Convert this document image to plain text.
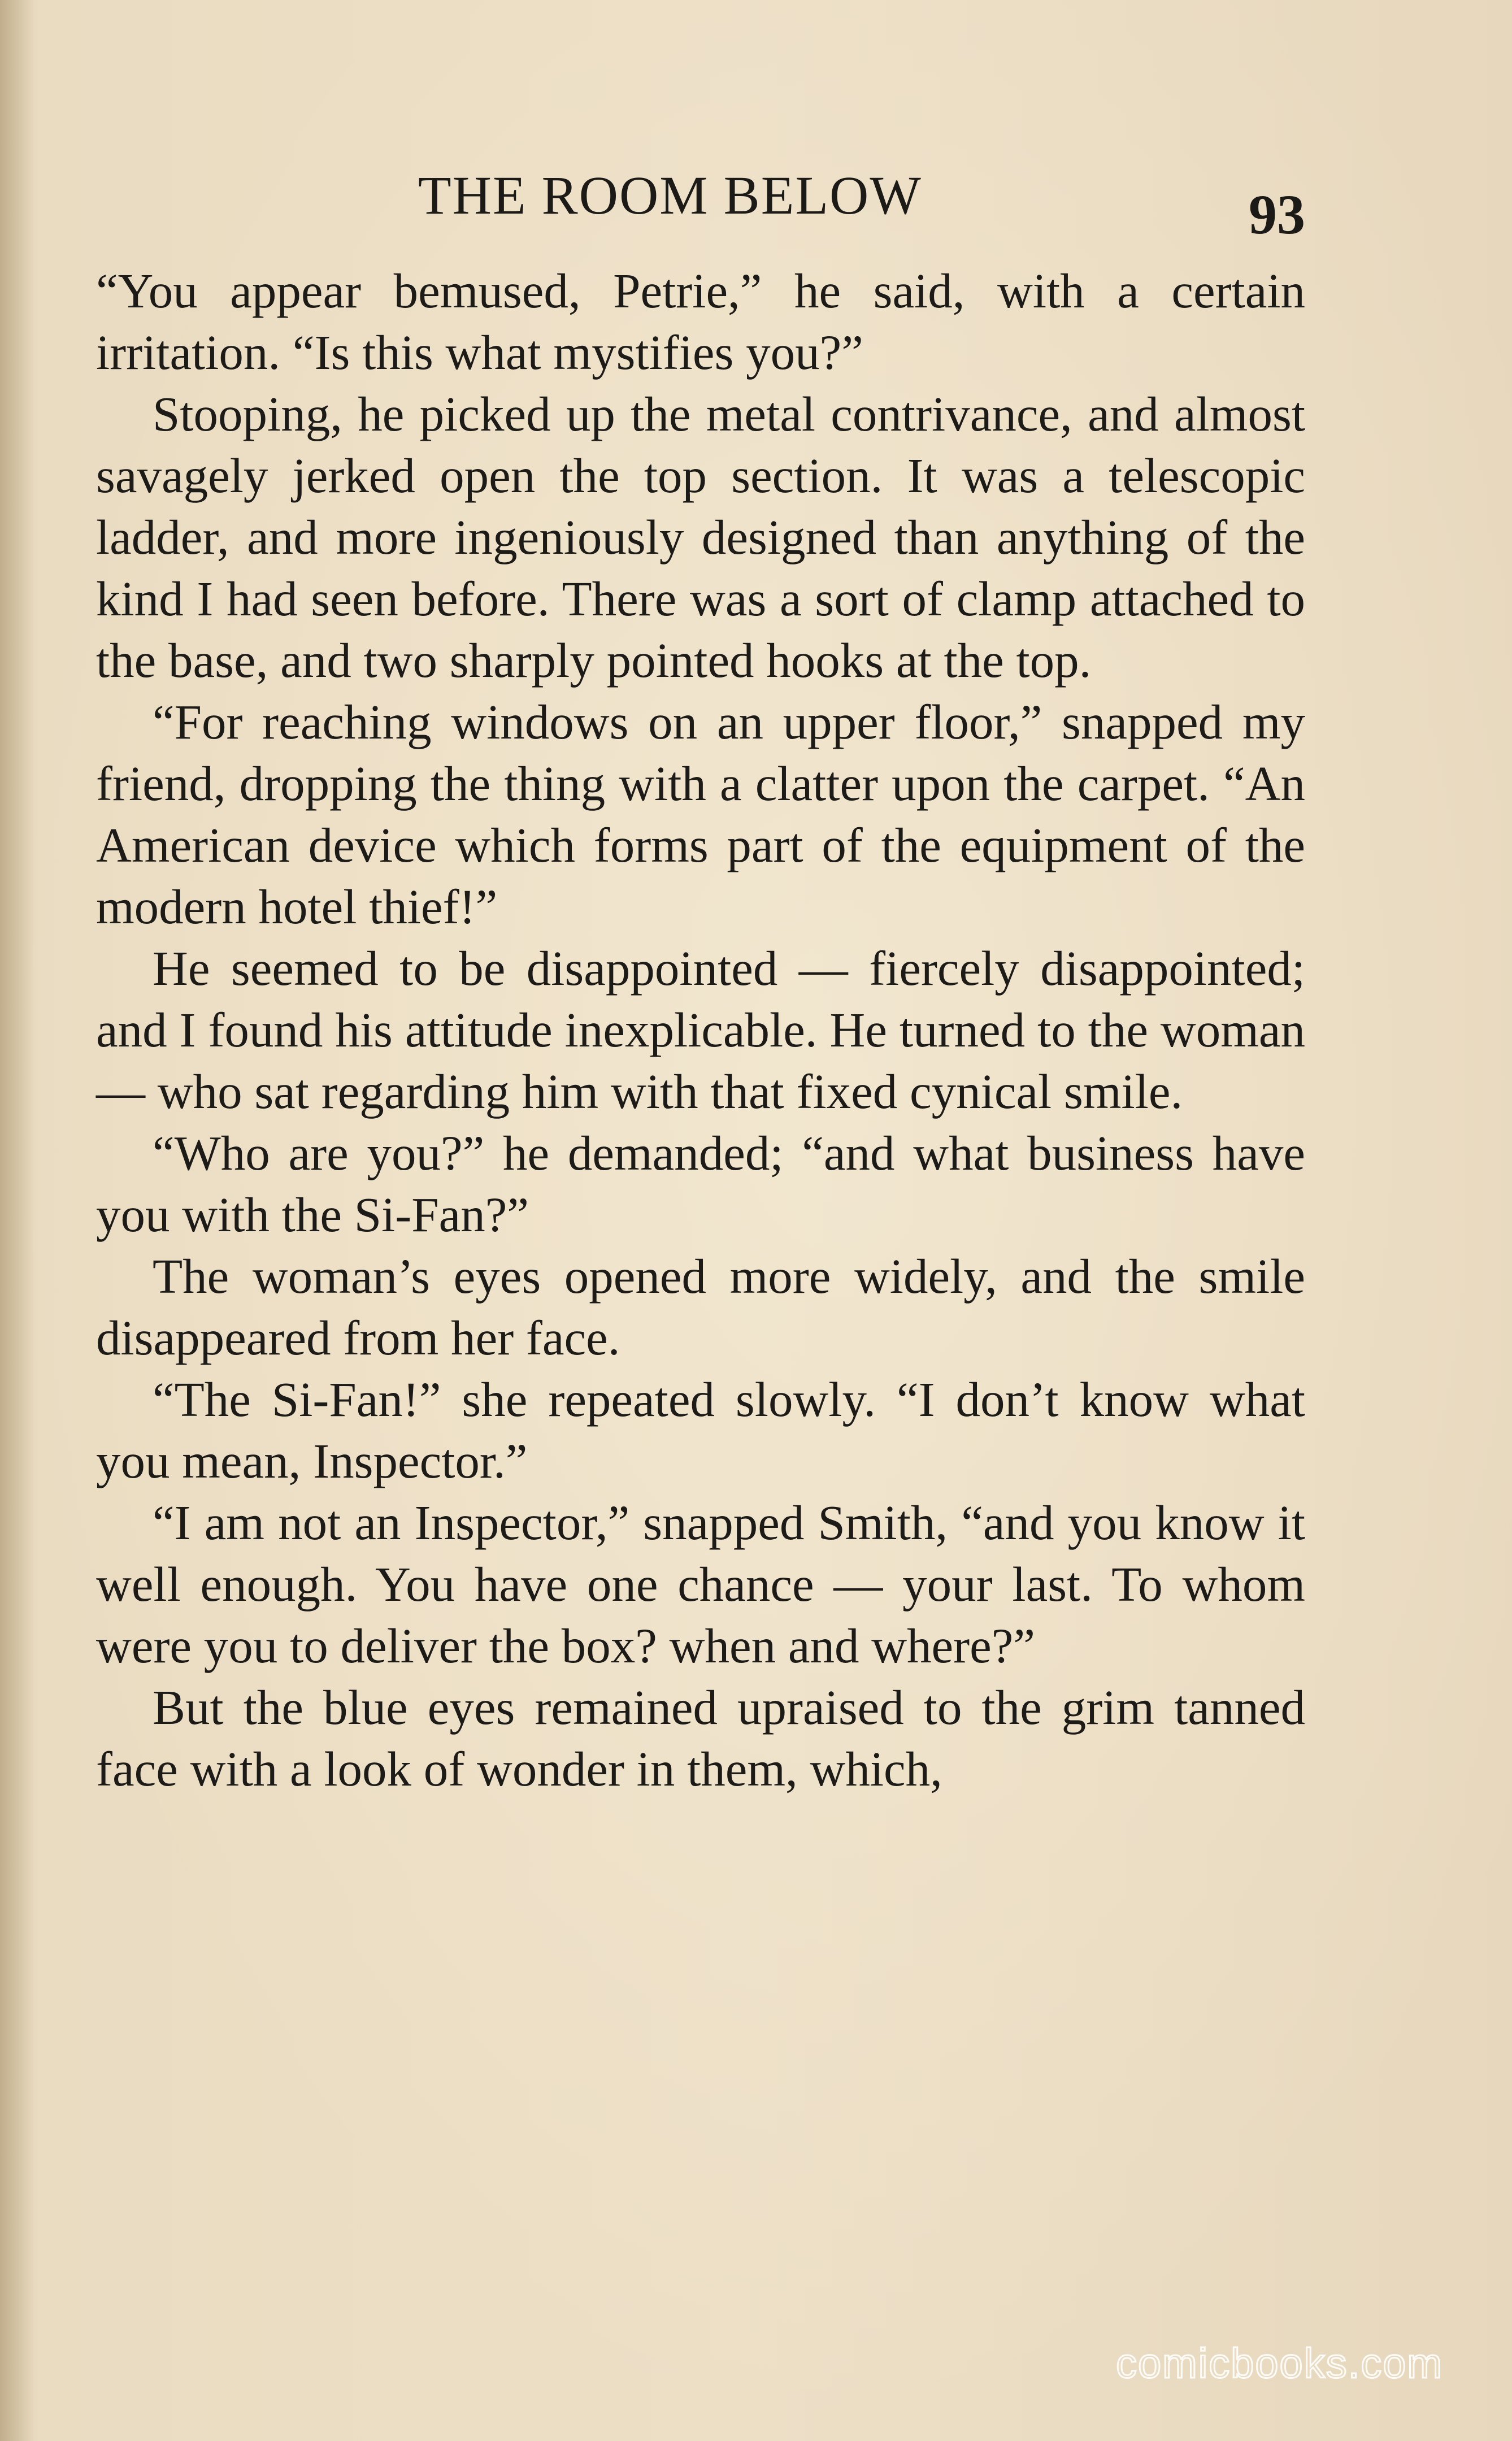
THE ROOM BELOW	93

“You appear bemused, Petrie,” he said, with a certain irritation. “Is this what mystifies you?”

Stooping, he picked up the metal contrivance, and almost savagely jerked open the top section. It was a telescopic ladder, and more ingeniously designed than anything of the kind I had seen before. There was a sort of clamp attached to the base, and two sharply pointed hooks at the top.

“For reaching windows on an upper floor,” snapped my friend, dropping the thing with a clatter upon the carpet. “An American device which forms part of the equipment of the modern hotel thief!”

He seemed to be disappointed — fiercely disappointed; and I found his attitude inexplicable. He turned to the woman — who sat regarding him with that fixed cynical smile.

“Who are you?” he demanded; “and what business have you with the Si-Fan?”

The woman’s eyes opened more widely, and the smile disappeared from her face.

“The Si-Fan!” she repeated slowly. “I don’t know what you mean, Inspector.”

“I am not an Inspector,” snapped Smith, “and you know it well enough. You have one chance — your last. To whom were you to deliver the box? when and where?”

But the blue eyes remained upraised to the grim tanned face with a look of wonder in them, which,

comicbooks.com
